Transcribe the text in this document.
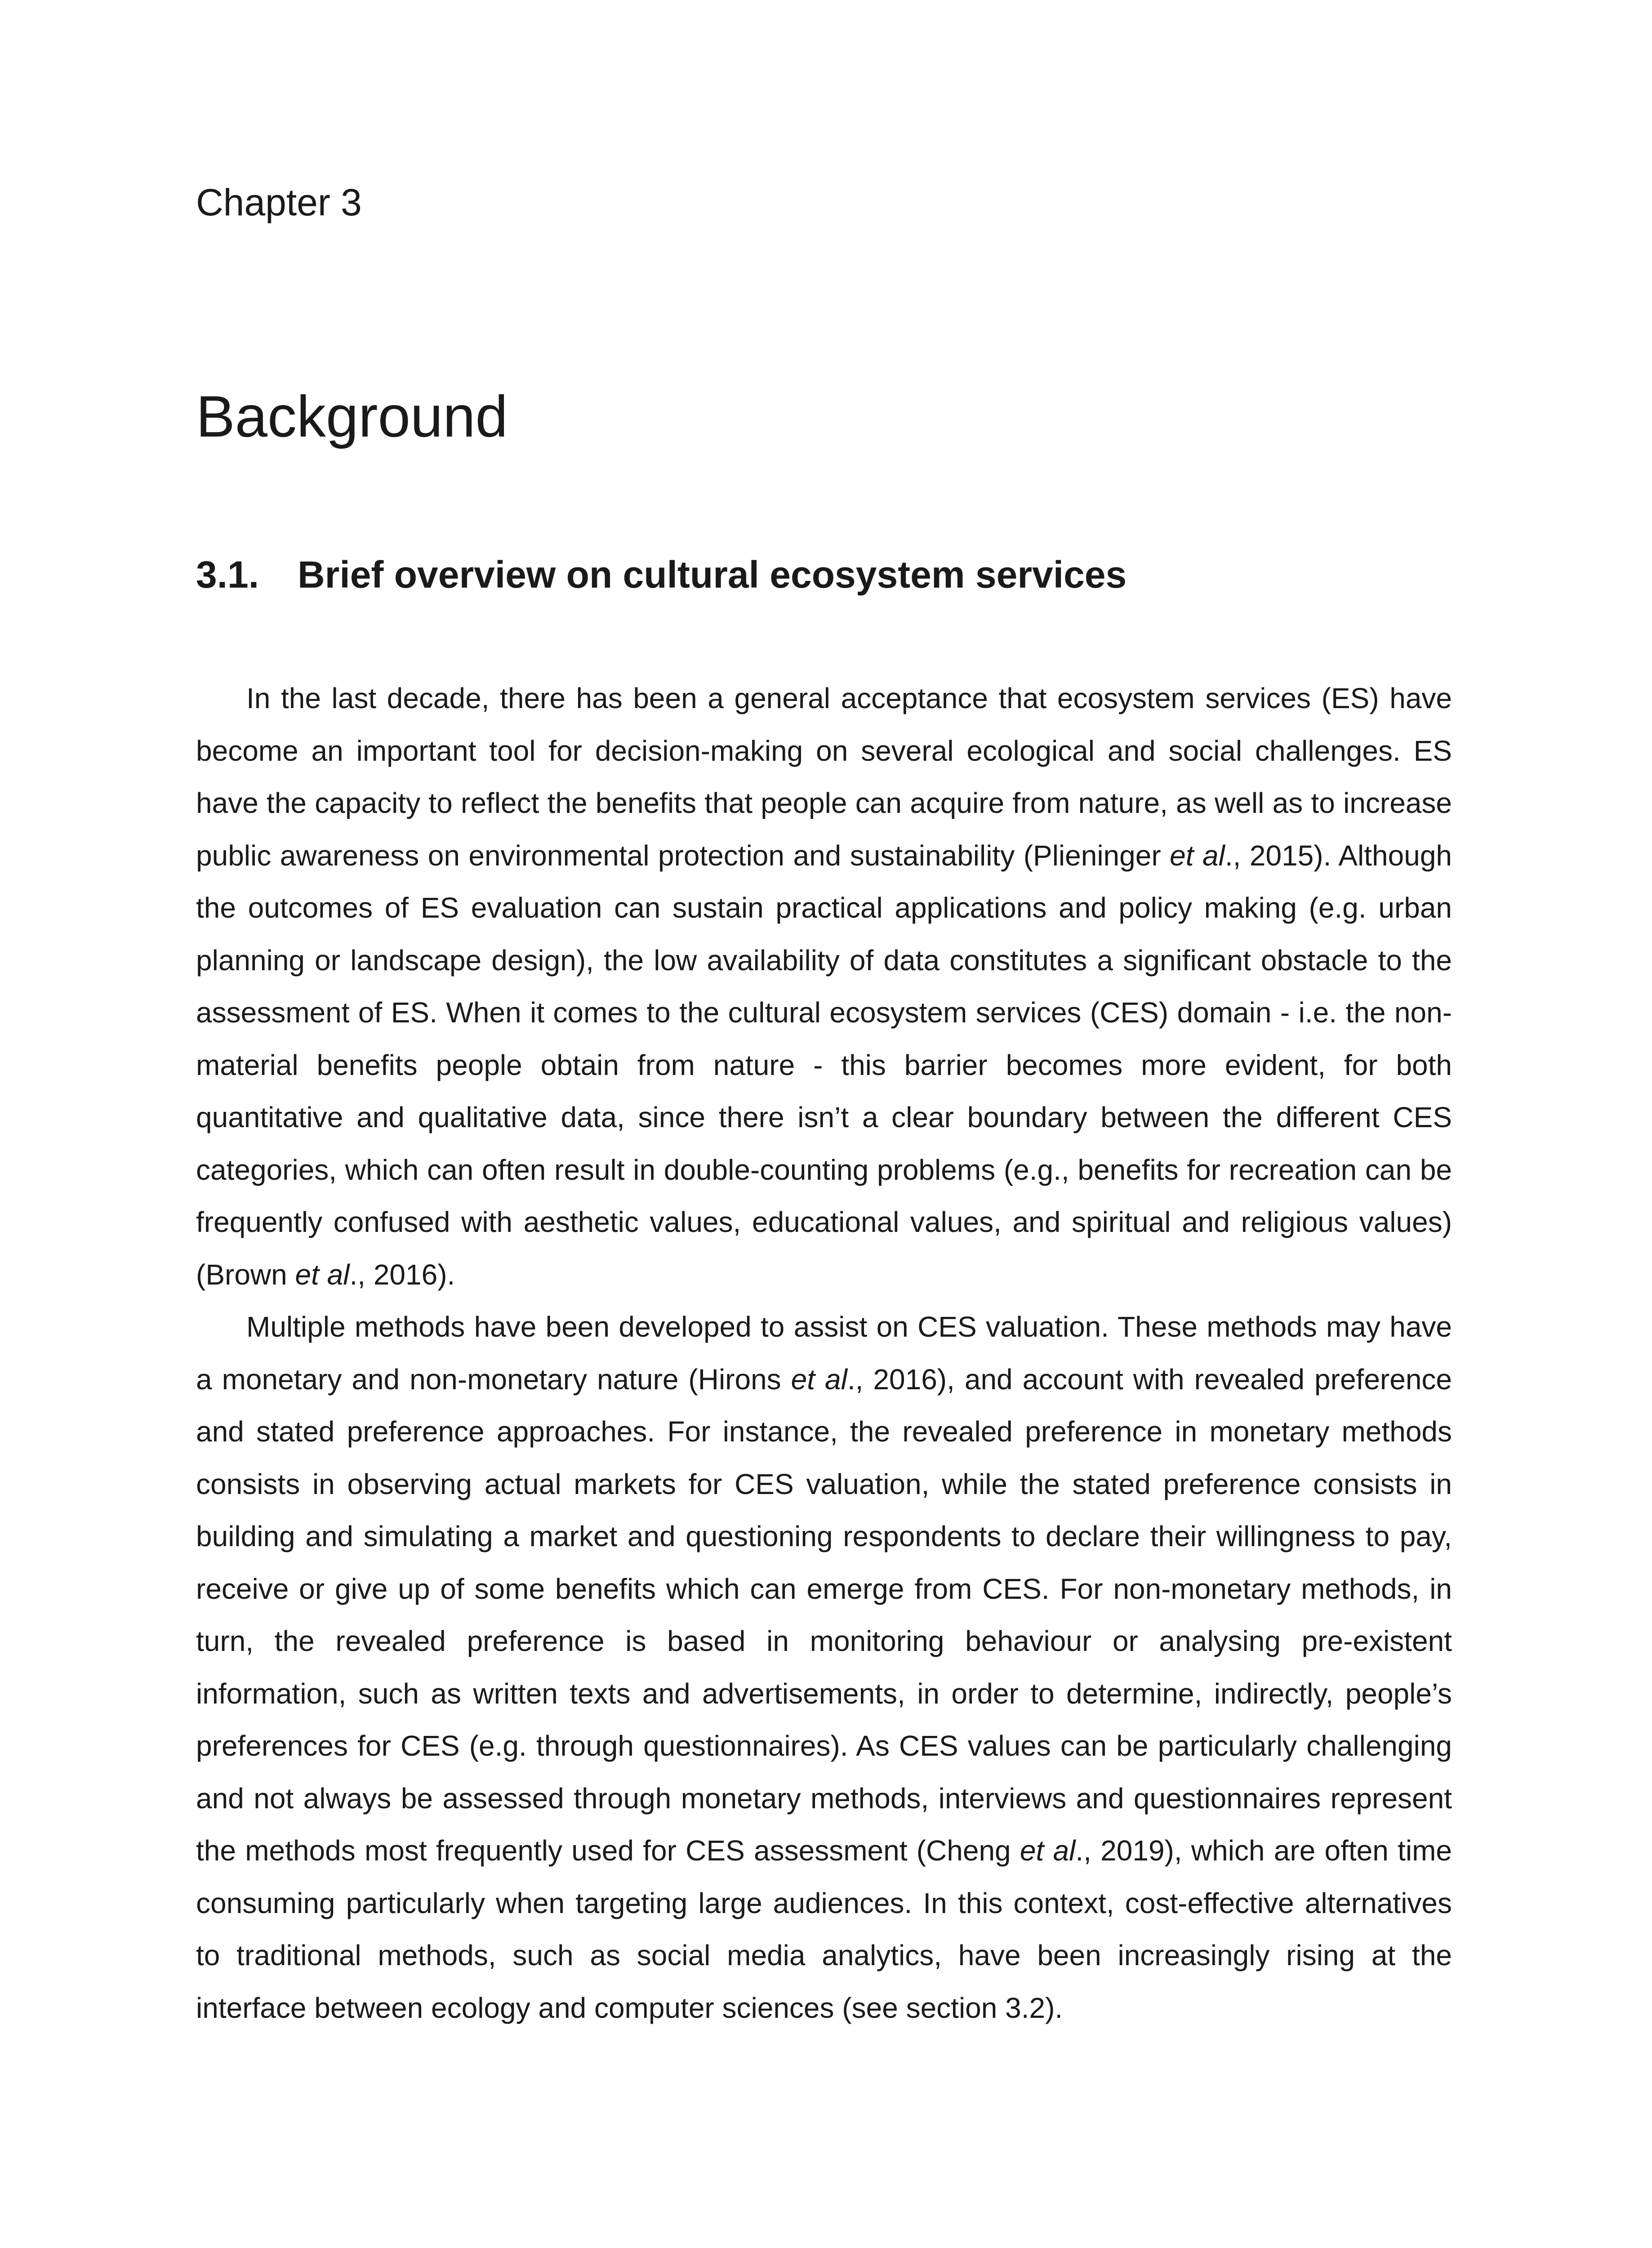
Chapter 3
Background
3.1. Brief overview on cultural ecosystem services

In the last decade, there has been a general acceptance that ecosystem services (ES) have become an important tool for decision-making on several ecological and social challenges. ES have the capacity to reflect the benefits that people can acquire from nature, as well as to increase public awareness on environmental protection and sustainability (Plieninger et al., 2015). Although the outcomes of ES evaluation can sustain practical applications and policy making (e.g. urban planning or landscape design), the low availability of data constitutes a significant obstacle to the assessment of ES. When it comes to the cultural ecosystem services (CES) domain - i.e. the non-material benefits people obtain from nature - this barrier becomes more evident, for both quantitative and qualitative data, since there isn’t a clear boundary between the different CES categories, which can often result in double-counting problems (e.g., benefits for recreation can be frequently confused with aesthetic values, educational values, and spiritual and religious values) (Brown et al., 2016).

Multiple methods have been developed to assist on CES valuation. These methods may have a monetary and non-monetary nature (Hirons et al., 2016), and account with revealed preference and stated preference approaches. For instance, the revealed preference in monetary methods consists in observing actual markets for CES valuation, while the stated preference consists in building and simulating a market and questioning respondents to declare their willingness to pay, receive or give up of some benefits which can emerge from CES. For non-monetary methods, in turn, the revealed preference is based in monitoring behaviour or analysing pre-existent information, such as written texts and advertisements, in order to determine, indirectly, people’s preferences for CES (e.g. through questionnaires). As CES values can be particularly challenging and not always be assessed through monetary methods, interviews and questionnaires represent the methods most frequently used for CES assessment (Cheng et al., 2019), which are often time consuming particularly when targeting large audiences. In this context, cost-effective alternatives to traditional methods, such as social media analytics, have been increasingly rising at the interface between ecology and computer sciences (see section 3.2).
